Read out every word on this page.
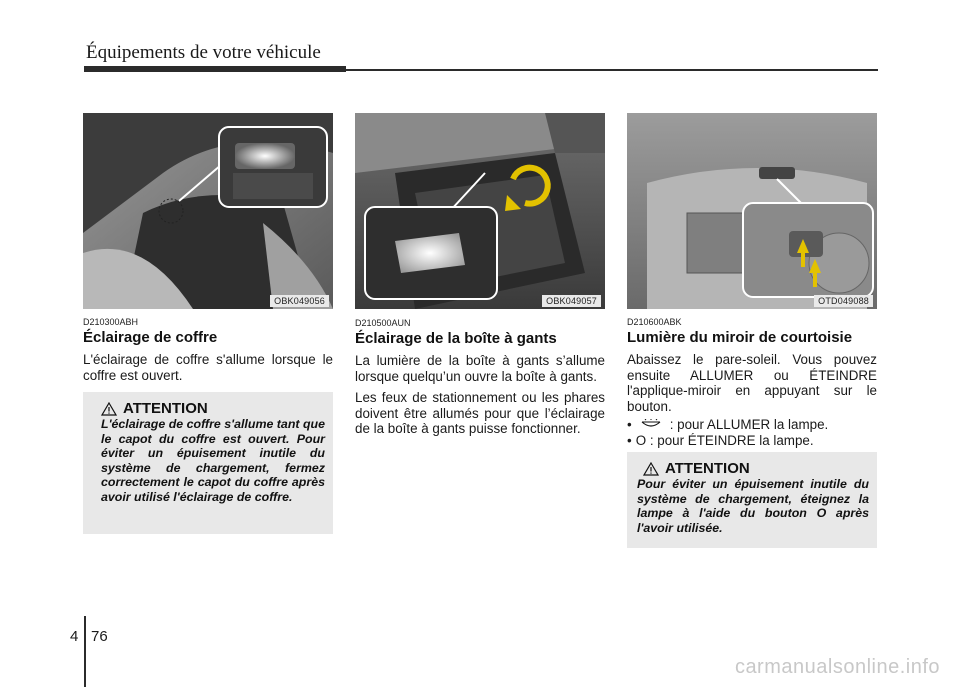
Équipements de votre véhicule
OBK049056	OBK049057	OTD049088
D210300ABH
Éclairage de coffre

L'éclairage de coffre s'allume lorsque le coffre est ouvert.

ATTENTION
L'éclairage de coffre s'allume tant que le capot du coffre est ouvert. Pour éviter un épuisement inutile du système de chargement, fermez correctement le capot du coffre après avoir utilisé l'éclairage de coffre.
D210500AUN
Éclairage de la boîte à gants

La lumière de la boîte à gants s’allume lorsque quelqu’un ouvre la boîte à gants.

Les feux de stationnement ou les phares doivent être allumés pour que l’éclairage de la boîte à gants puisse fonctionner.

D210600ABK
Lumière du miroir de courtoisie

Abaissez le pare-soleil. Vous pouvez ensuite ALLUMER ou ÉTEINDRE l'applique-miroir en appuyant sur le bouton.

•	: pour ALLUMER la lampe.
• O : pour ÉTEINDRE la lampe.
ATTENTION
Pour éviter un épuisement inutile du système de chargement, éteignez la lampe à l'aide du bouton O après l'avoir utilisée.
4 76
carmanualsonline.info
